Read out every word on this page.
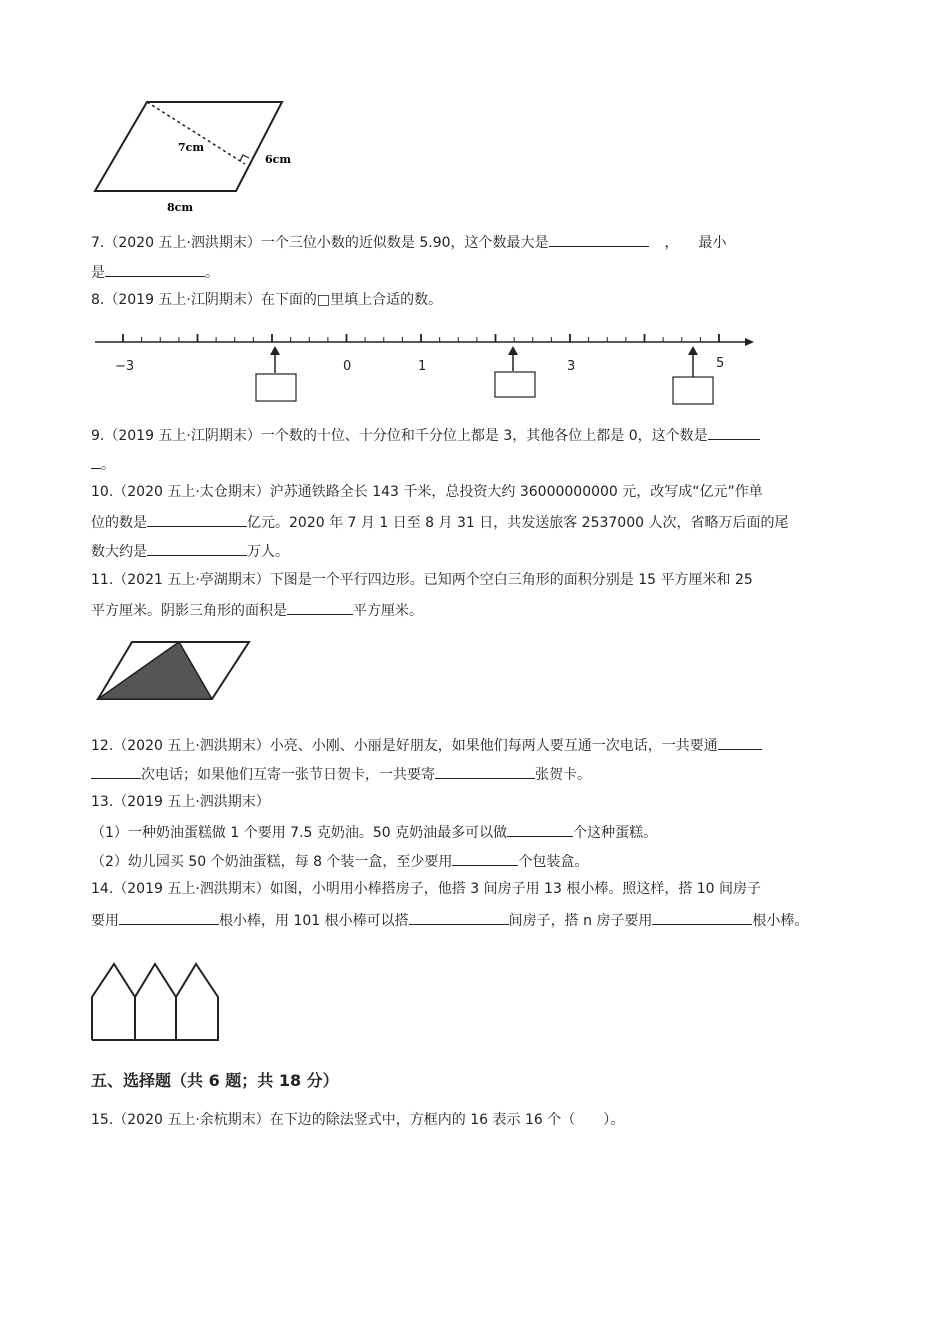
7cm
6cm
8cm
7.（2020 五上·泗洪期末）一个三位小数的近似数是 5.90，这个数最大是	， 最小
是	。
8.（2019 五上·江阴期末）在下面的□里填上合适的数。
−3	0	1	3	5
9.（2019 五上·江阴期末）一个数的十位、十分位和千分位上都是 3，其他各位上都是 0，这个数是
。
10.（2020 五上·太仓期末）沪苏通铁路全长 143 千米，总投资大约 36000000000 元，改写成“亿元”作单
位的数是	亿元。2020 年 7 月 1 日至 8 月 31 日，共发送旅客 2537000 人次，省略万后面的尾
数大约是	万人。
11.（2021 五上·亭湖期末）下图是一个平行四边形。已知两个空白三角形的面积分别是 15 平方厘米和 25
平方厘米。阴影三角形的面积是	平方厘米。
12.（2020 五上·泗洪期末）小亮、小刚、小丽是好朋友，如果他们每两人要互通一次电话，一共要通
次电话；如果他们互寄一张节日贺卡，一共要寄	张贺卡。
13.（2019 五上·泗洪期末）
（1）一种奶油蛋糕做 1 个要用 7.5 克奶油。50 克奶油最多可以做	个这种蛋糕。
（2）幼儿园买 50 个奶油蛋糕，每 8 个装一盒，至少要用	个包装盒。
14.（2019 五上·泗洪期末）如图，小明用小棒搭房子，他搭 3 间房子用 13 根小棒。照这样，搭 10 间房子
要用	根小棒，用 101 根小棒可以搭	间房子，搭 n 房子要用	根小棒。
五、选择题（共 6 题；共 18 分）
15.（2020 五上·余杭期末）在下边的除法竖式中，方框内的 16 表示 16 个（　　）。
